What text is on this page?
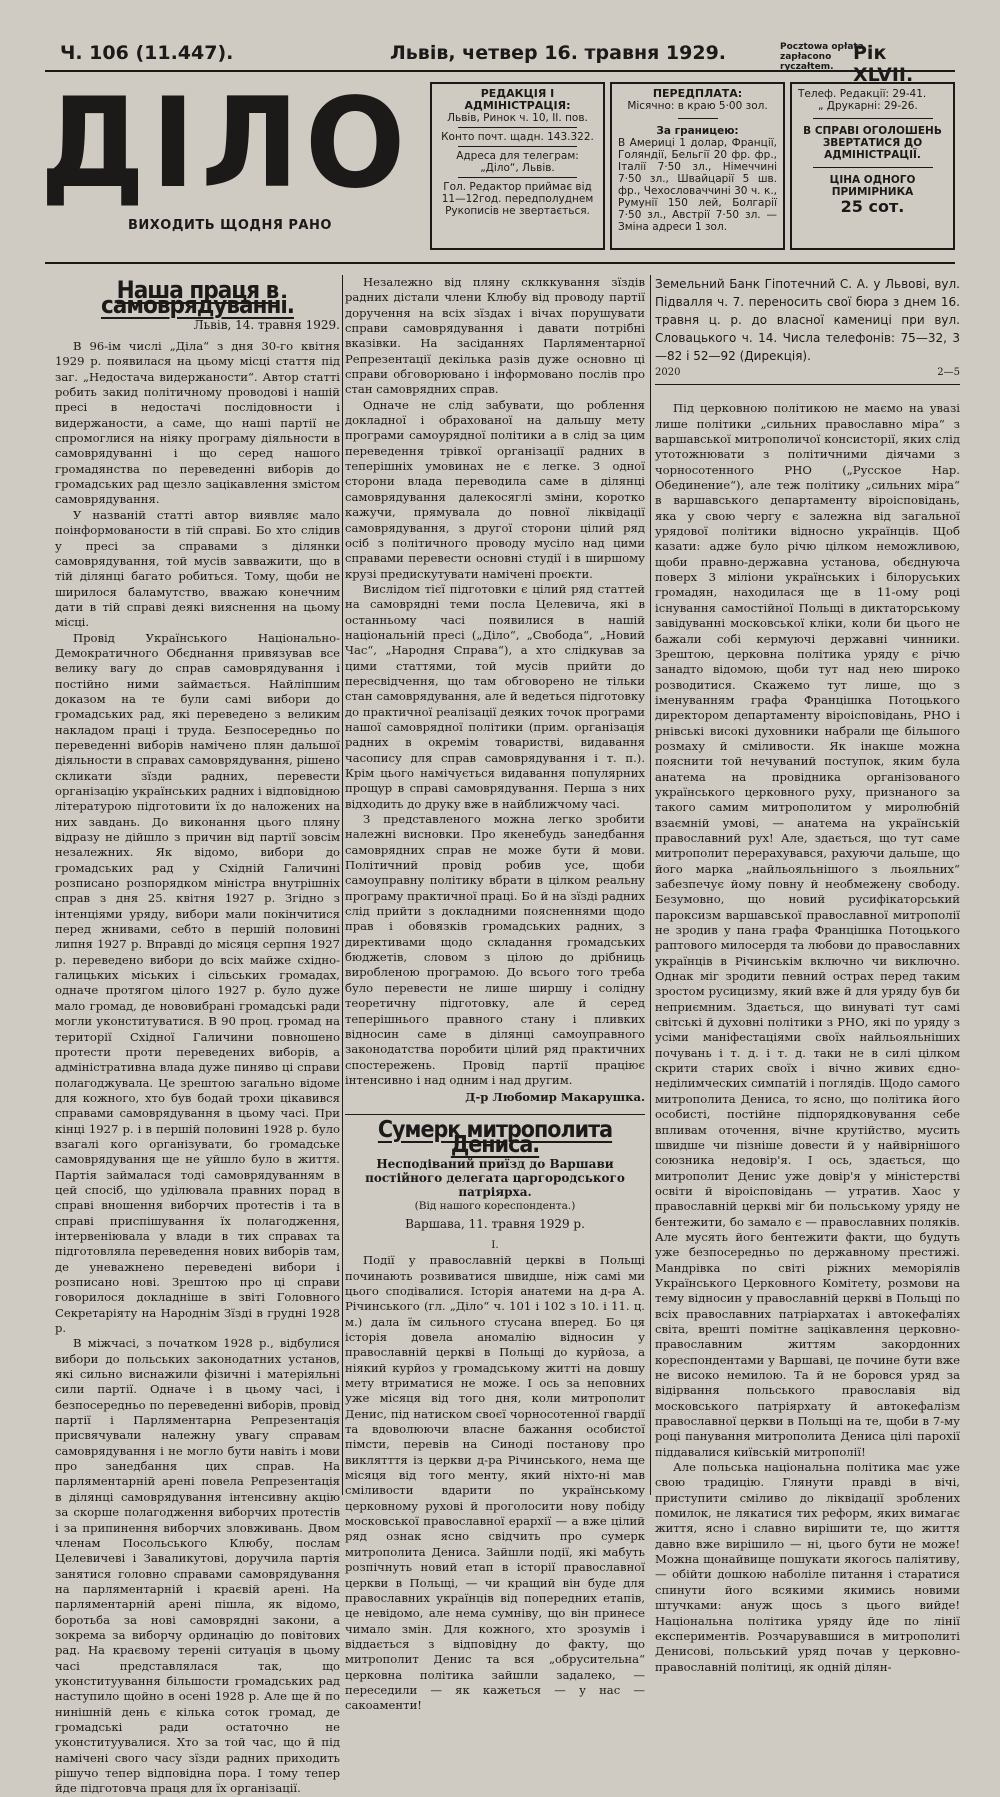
Ч. 106 (11.447).	Львів, четвер 16. травня 1929.	Pocztowa opłata zapłacono ryczałtem.
Рік XLVII.
ДІЛО
ВИХОДИТЬ ЩОДНЯ РАНО
РЕДАКЦІЯ І АДМІНІСТРАЦІЯ:
Львів, Ринок ч. 10, II. пов.
Конто почт. щадн. 143.322.
Адреса для телеграм: „Діло“, Львів.
Гол. Редактор приймає від 11—12год. передполуднем
Рукописів не звертається.
ПЕРЕДПЛАТА:
Місячно: в краю 5·00 зол.
За границею:
В Америці 1 долар, Франції, Голяндії, Бельгії 20 фр. фр., Італії 7·50 зл., Німеччині 7·50 зл., Швайцарії 5 шв. фр., Чехословаччині 30 ч. к., Румунії 150 лей, Болгарії 7·50 зл., Австрії 7·50 зл. — Зміна адреси 1 зол.
Телеф. Редакції: 29-41.
„ Друкарні: 29-26.
В СПРАВІ ОГОЛОШЕНЬ ЗВЕРТАТИСЯ ДО АДМІНІСТРАЦІЇ.
ЦІНА ОДНОГО ПРИМІРНИКА
25 сот.
Наша праця в самоврядуванні.
Львів, 14. травня 1929.

В 96-ім числі „Діла“ з дня 30-го квітня 1929 р. появилася на цьому місці стаття під заг. „Недостача видержаности“. Автор статті робить закид політичному проводові і нашій пресі в недостачі послідовности і видержаности, а саме, що наші партії не спромоглися на ніяку програму діяльности в самоврядуванні і що серед нашого громадянства по переведенні виборів до громадських рад щезло зацікавлення змістом самоврядування.

У названій статті автор виявляє мало поінформованости в тій справі. Бо хто слідив у пресі за справами з ділянки самоврядування, той мусів завважити, що в тій ділянці багато робиться. Тому, щоби не ширилося баламутство, вважаю конечним дати в тій справі деякі вияснення на цьому місці.

Провід Українського Національно-Демократичного Обєднання привязував все велику вагу до справ самоврядування і постійно ними займається. Найліпшим доказом на те були самі вибори до громадських рад, які переведено з великим накладом праці і труда. Безпосередньо по переведенні виборів намічено плян дальшої діяльности в справах самоврядування, рішено скликати зїзди радних, перевести організацію українських радних і відповідною літературою підготовити їх до наложених на них завдань. До виконання цього пляну відразу не дійшло з причин від партії зовсім незалежних. Як відомо, вибори до громадських рад у Східній Галичині розписано розпорядком міністра внутрішніх справ з дня 25. квітня 1927 р. Згідно з інтенціями уряду, вибори мали покінчитися перед жнивами, себто в першій половині липня 1927 р. Вправді до місяця серпня 1927 р. переведено вибори до всіх майже східно-галицьких міських і сільських громадах, одначе протягом цілого 1927 р. було дуже мало громад, де нововибрані громадські ради могли уконституватися. В 90 проц. громад на території Східної Галичини повношено протести проти переведених виборів, а адміністративна влада дуже пиняво ці справи полагоджувала. Це зрештою загально відоме для кожного, хто був бодай трохи цікавився справами самоврядування в цьому часі. При кінці 1927 р. і в першій половині 1928 р. було взагалі кого організувати, бо громадське самоврядування ще не уйшло було в життя. Партія займалася тоді самоврядуванням в цей спосіб, що уділювала правних порад в справі вношення виборчих протестів і та в справі приспішування їх полагодження, інтервеніювала у влади в тих справах та підготовляла переведення нових виборів там, де уневажнено переведені вибори і розписано нові. Зрештою про ці справи говорилося докладніше в звіті Головного Секретаріяту на Народнім Зїзді в грудні 1928 р.

В міжчасі, з початком 1928 р., відбулися вибори до польських законодатних установ, які сильно виснажили фізичні і матеріяльні сили партії. Одначе і в цьому часі, і безпосередньо по переведенні виборів, провід партії і Парляментарна Репрезентація присвячували належну увагу справам самоврядування і не могло бути навіть і мови про занедбання цих справ. На парляментарній арені повела Репрезентація в ділянці самоврядування інтенсивну акцію за скорше полагодження виборчих протестів і за припинення виборчих зловживань. Двом членам Посольського Клюбу, послам Целевичеві і Заваликутові, доручила партія занятися головно справами самоврядування на парляментарній і краєвій арені. На парляментарній арені пішла, як відомо, боротьба за нові самоврядні закони, а зокрема за виборчу ординацію до повітових рад. На краєвому тереніі ситуація в цьому часі представлялася так, що уконституування більшости громадських рад наступило щойно в осені 1928 р. Але ще й по нинішній день є кілька соток громад, де громадські ради остаточно не уконституувалися. Хто за той час, що й під намічені свого часу зїзди радних приходить рішучо тепер відповідна пора. І тому тепер йде підготовча праця для їх організації.

Незалежно від пляну склккування зїздів радних дістали члени Клюбу від проводу партії доручення на всіх зїздах і вічах порушувати справи самоврядування і давати потрібні вказівки. На засіданнях Парляментарної Репрезентації декілька разів дуже основно ці справи обговорювано і інформовано послів про стан самоврядних справ.

Одначе не слід забувати, що роблення докладної і обрахованої на дальшу мету програми самоурядної політики а в слід за цим переведення трівкої організації радних в теперішніх умовинах не є легке. З одної сторони влада переводила саме в ділянці самоврядування далекосяглі зміни, коротко кажучи, прямувала до повної ліквідації самоврядування, з другої сторони цілий ряд осіб з політичного проводу мусіло над цими справами перевести основні студії і в ширшому крузі предискутувати намічені проєкти.

Вислідом тієї підготовки є цілий ряд статтей на самоврядні теми посла Целевича, які в останньому часі появилися в нашій національній пресі („Діло“, „Свобода“, „Новий Час“, „Народня Справа“), а хто слідкував за цими статтями, той мусів прийти до пересвідчення, що там обговорено не тільки стан самоврядування, але й ведеться підготовку до практичної реалізації деяких точок програми нашої самоврядної політики (прим. організація радних в окремім товаристві, видавання часопису для справ самоврядування і т. п.). Крім цього намічується видавання популярних прощур в справі самоврядування. Перша з них відходить до друку вже в найближчому часі.

З представленого можна легко зробити належні висновки. Про якенебудь занедбання самоврядних справ не може бути й мови. Політичний провід робив усе, щоби самоуправну політику вбрати в цілком реальну програму практичної праці. Бо й на зїзді радних слід прийти з докладними поясненнями щодо прав і обовязків громадських радних, з директивами щодо складання громадських бюджетів, словом з цілою до дрібниць виробленою програмою. До всього того треба було перевести не лише ширшу і солідну теоретичну підготовку, але й серед теперішнього правного стану і пливких відносин саме в ділянці самоуправного законодатства поробити цілий ряд практичних спостережень. Провід партії праціює інтенсивно і над одним і над другим.

Д-р Любомир Макарушка.
Сумерк митрополита Дениса.
Несподіваний приїзд до Варшави постійного делегата царгородського патріярха.
(Від нашого кореспондента.)
Варшава, 11. травня 1929 р.
I.

Події у православній церкві в Польщі починають розвиватися швидше, ніж самі ми цього сподівалися. Історія анатеми на д-ра А. Річинського (гл. „Діло“ ч. 101 і 102 з 10. і 11. ц. м.) дала їм сильного стусана вперед. Бо ця історія довела аномалію відносин у православній церкві в Польщі до курйоза, а ніякий курйоз у громадському житті на довшу мету втриматися не може. І ось за неповних уже місяця від того дня, коли митрополит Денис, під натиском своєї чорносотенної гвардії та вдоволюючи власне бажання особистої пімсти, перевів на Синоді постанову про виклятття із церкви д-ра Річинського, нема ще місяця від того менту, який ніхто-ні мав сміливости вдарити по українському церковному рухові й проголосити нову побіду московської православної ерархії — а вже цілий ряд ознак ясно свідчить про сумерк митрополита Дениса. Зайшли події, які мабуть розпічнуть новий етап в історії православної церкви в Польщі, — чи кращий він буде для православних українців від попередних етапів, це невідомо, але нема сумніву, що він принесе чимало змін. Для кожного, хто зрозумів і віддається з відповідну до факту, що митрополит Денис та вся „обрусительна“ церковна політика зайшли задалеко, — переседили — як кажеться — у нас — сакоаменти!

Земельний Банк Гіпотечний С. А. у Львові, вул. Підвалля ч. 7. переносить свої бюра з днем 16. травня ц. р. до власної камениці при вул. Словацького ч. 14. Числа телефонів: 75—32, 3—82 і 52—92 (Дирекція).
2020	2—5

Під церковною політикою не маємо на увазі лише політики „сильних православно міра“ з варшавської митрополичої консисторії, яких слід утотожнювати з політичними діячами з чорносотенного РНО („Русское Нар. Обединение“), але теж політику „сильних міра“ в варшавського департаменту віроісповідань, яка у свою чергу є залежна від загальної урядової політики відносно українців. Щоб казати: адже було річю цілком неможливою, щоби правно-державна установа, обєднуюча поверх 3 міліони українських і білоруських громадян, находилася ще в 11-ому році існування самостійної Польщі в диктаторському завідуванні московської кліки, коли би цього не бажали собі кермуючі державні чинники. Зрештою, церковна політика уряду є річю занадто відомою, щоби тут над нею широко розводитися. Скажемо тут лише, що з іменуванням графа Францішка Потоцького директором департаменту віроісповідань, РНО і рнівські високі духовники набрали ще більшого розмаху й сміливости. Як інакше можна пояснити той нечуваний поступок, яким була анатема на провідника організованого українського церковного руху, признаного за такого самим митрополитом у миролюбній взаємній умові, — анатема на українській православний рух! Але, здається, що тут саме митрополит перерахувався, рахуючи дальше, що його марка „найльояльнішого з льояльних“ забезпечує йому повну й необмежену свободу. Безумовно, що новий русифікаторський пароксизм варшавської православної митрополії не зродив у пана графа Францішка Потоцького раптового милосердя та любови до православних українців в Річинськім включно чи виключно. Однак міг зродити певний острах перед таким зростом русицизму, який вже й для уряду був би неприємним. Здається, що винуваті тут самі світські й духовні політики з РНО, які по уряду з усіми маніфестаціями своїх найльояльніших почувань і т. д. і т. д. таки не в силі цілком скрити старих своїх і вічно живих єдно-неділимческих симпатій і поглядів. Щодо самого митрополита Дениса, то ясно, що політика його особисті, постійне підпорядковування себе впливам оточення, вічне крутійство, мусить швидше чи пізніше довести й у найвірнішого союзника недовір'я. І ось, здається, що митрополит Денис уже довір'я у міністерстві освіти й віроісповідань — утратив. Хаос у православній церкві міг би польському уряду не бентежити, бо замало є — православних поляків. Але мусять його бентежити факти, що будуть уже безпосередньо по державному престижі. Мандрівка по світі ріжних меморіялів Українського Церковного Комітету, розмови на тему відносин у православній церкві в Польщі по всіх православних патріархатах і автокефаліях світа, врешті помітне зацікавлення церковно-православним життям закордонних кореспондентами у Варшаві, це почине бути вже не високо немилою. Та й не боровся уряд за відірвання польського православія від московського патріярхату й автокефалізм православної церкви в Польщі на те, щоби в 7-му році панування митрополита Дениса цілі парохії піддавалися київській митрополії!

Але польська національна політика має уже свою традицію. Глянути правді в вічі, приступити сміливо до ліквідації зроблених помилок, не лякатися тих реформ, яких вимагає життя, ясно і славно вирішити те, що життя давно вже вирішило — ні, цього бути не може! Можна щонайвище пошукати якогось паліятиву, — обійти дошкою наболіле питання і старатися спинути його всякими якимись новими штучками: ануж щось з цього вийде! Національна політика уряду йде по лінії експериментів. Розчарувавшися в митрополиті Денисові, польський уряд почав у церковно-православній політиці, як одній ділян-
